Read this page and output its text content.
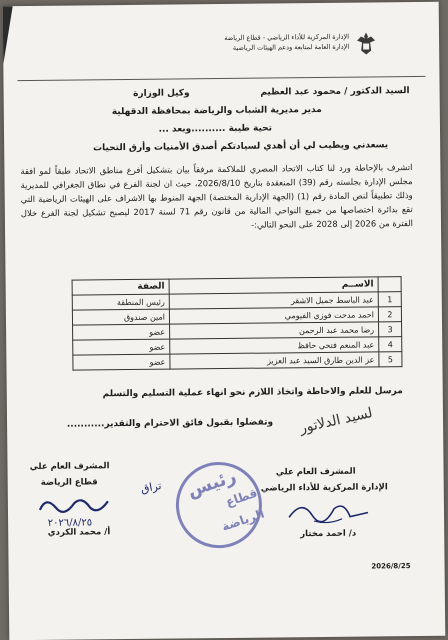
الإدارة المركزية للأداء الرياضي - قطاع الرياضة
الإدارة العامة لمتابعة ودعم الهيئات الرياضية
السيد الدكتور / محمود عبد العظيم
وكيل الوزارة
مدير مديرية الشباب والرياضة بمحافظة الدقهلية
تحية طيبة ..........وبعد ...
يسعدني ويطيب لي أن أهدي لسيادتكم أصدق الأمنيات وأرق التحيات
اتشرف بالإحاطة ورد لنا كتاب الاتحاد المصري للملاكمة مرفقاً بيان بتشكيل أفرع مناطق الاتحاد طبقاً لمو افقة مجلس الإدارة بجلسته رقم (39) المنعقدة بتاريخ 2026/8/10، حيث ان لجنة الفرع في نطاق الجغرافي للمديرية وذلك تطبيقاً لنص المادة رقم (1) (الجهة الإدارية المختصة) الجهة المنوط بها الاشراف على الهيئات الرياضية التي تقع بدائرة اختصاصها من جميع النواحي المالية من قانون رقم 71 لسنة 2017 ليصبح تشكيل لجنة الفرع خلال الفترة من 2026 إلى 2028 على النحو التالي:-
	الاســم	الصفة
1	عبد الباسط جميل الاشقر	رئيس المنطقة
2	احمد مدحت فوزي الفيومي	امين صندوق
3	رضا محمد عبد الرحمن	عضو
4	عبد المنعم فتحي حافظ	عضو
5	عز الدين طارق السيد عبد العزيز	عضو
مرسل للعلم والاحاطة واتخاذ اللازم نحو انهاء عملية التسليم والتسلم
وتفضلوا بقبول فائق الاحترام والتقدير........... لسيد الدلاتور
المشرف العام علي
الإدارة المركزية للأداء الرياضي
د/ احمد مختار
رئيس
قطاع الرياضة
المشرف العام علي
قطاع الرياضة	تراق
٢٠٢٦/٨/٢٥
أ/ محمد الكردي
2026/8/25
